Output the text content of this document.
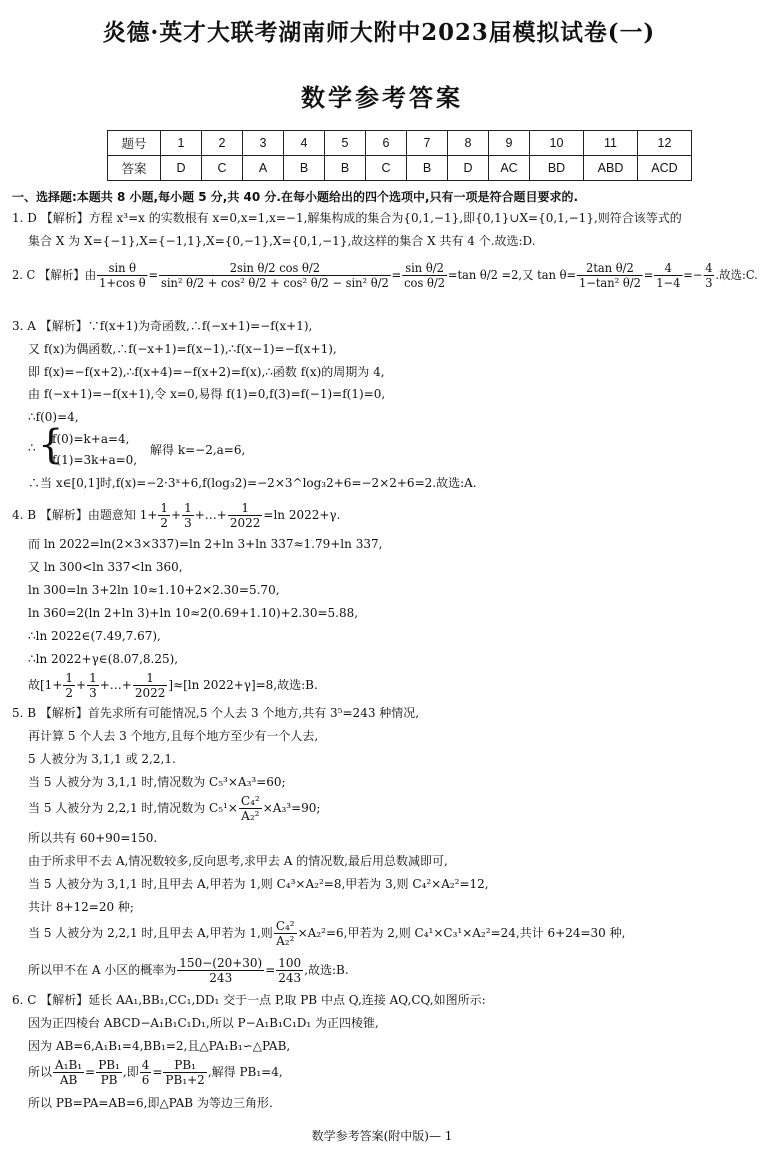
炎德·英才大联考湖南师大附中2023届模拟试卷(一)
数学参考答案
题号	1	2	3	4	5	6	7	8	9	10	11	12
答案	D	C	A	B	B	C	B	D	AC	BD	ABD	ACD
一、选择题:本题共 8 小题,每小题 5 分,共 40 分.在每小题给出的四个选项中,只有一项是符合题目要求的.
1. D 【解析】方程 x³=x 的实数根有 x=0,x=1,x=−1,解集构成的集合为{0,1,−1},即{0,1}∪X={0,1,−1},则符合该等式的
集合 X 为 X={−1},X={−1,1},X={0,−1},X={0,1,−1},故这样的集合 X 共有 4 个.故选:D.
2. C 【解析】由 $\frac{\text{sin θ}}{\text{1+cos θ}} = \frac{\text{2sin θ/2 cos θ/2}}{\text{sin² θ/2 + cos² θ/2 + cos² θ/2 − sin² θ/2}} = \frac{\text{sin θ/2}}{\text{cos θ/2}} =\tan$ θ/2 =2,又 $\tan \theta= \frac{\text{2tan θ/2}}{\text{1−tan² θ/2}} = \frac{4}{1-4} =- \frac{4}{3}$ .故选:C.
3. A 【解析】∵f(x+1)为奇函数,∴f(−x+1)=−f(x+1),
又 f(x)为偶函数,∴f(−x+1)=f(x−1),∴f(x−1)=−f(x+1),
即 f(x)=−f(x+2),∴f(x+4)=−f(x+2)=f(x),∴函数 f(x)的周期为 4,
由 f(−x+1)=−f(x+1),令 x=0,易得 f(1)=0,f(3)=f(−1)=f(1)=0,
∴f(0)=4,
∴ {
f(0)=k+a=4,
f(1)=3k+a=0,
解得 k=−2,a=6,
∴当 x∈[0,1]时,f(x)=−2·3ˣ+6,f(log₃2)=−2×3^log₃2+6=−2×2+6=2.故选:A.
4. B 【解析】由题意知 $1+ \frac{1}{2} + \frac{1}{3}$ +…+ $\frac{1}{2022} =\ln$ 2022+γ.
而 ln 2022=ln(2×3×337)=ln 2+ln 3+ln 337≈1.79+ln 337,
又 ln 300<ln 337<ln 360,
ln 300=ln 3+2ln 10≈1.10+2×2.30=5.70,
ln 360=2(ln 2+ln 3)+ln 10≈2(0.69+1.10)+2.30=5.88,
∴ln 2022∈(7.49,7.67),
∴ln 2022+γ∈(8.07,8.25),
故[$1+ \frac{1}{2} + \frac{1}{3}$ +…+ $\frac{1}{2022} ]\approx[\ln$ 2022+γ]=8,故选:B.
5. B 【解析】首先求所有可能情况,5 个人去 3 个地方,共有 3⁵=243 种情况,
再计算 5 个人去 3 个地方,且每个地方至少有一个人去,
5 人被分为 3,1,1 或 2,2,1.
当 5 人被分为 3,1,1 时,情况数为 C₅³×A₃³=60;
当 5 人被分为 2,2,1 时,情况数为 $C_5^1\times \frac{\text{C₄²}}{\text{A₂²}} \times A_3^3=90$;
所以共有 60+90=150.
由于所求甲不去 A,情况数较多,反向思考,求甲去 A 的情况数,最后用总数减即可,
当 5 人被分为 3,1,1 时,且甲去 A,甲若为 1,则 C₄³×A₂²=8,甲若为 3,则 C₄²×A₂²=12,
共计 8+12=20 种;
当 5 人被分为 2,2,1 时,且甲去 A,甲若为 1,则 $\frac{\text{C₄²}}{\text{A₂²}} \times A_2^2=6$,甲若为 2,则 C₄¹×C₃¹×A₂²=24,共计 6+24=30 种,
所以甲不在 A 小区的概率为 $\frac{150-(20+30)}{243} = \frac{100}{243}$ ,故选:B.
6. C 【解析】延长 AA₁,BB₁,CC₁,DD₁ 交于一点 P,取 PB 中点 Q,连接 AQ,CQ,如图所示:
因为正四棱台 ABCD−A₁B₁C₁D₁,所以 P−A₁B₁C₁D₁ 为正四棱锥,
因为 AB=6,A₁B₁=4,BB₁=2,且△PA₁B₁∽△PAB,
所以 $\frac{\text{A₁B₁}}{AB} = \frac{\text{PB₁}}{PB}$ ,即 $\frac{4}{6} = \frac{\text{PB₁}}{\text{PB₁+2}}$ ,解得 PB₁=4,
所以 PB=PA=AB=6,即△PAB 为等边三角形.
数学参考答案(附中版)— 1
